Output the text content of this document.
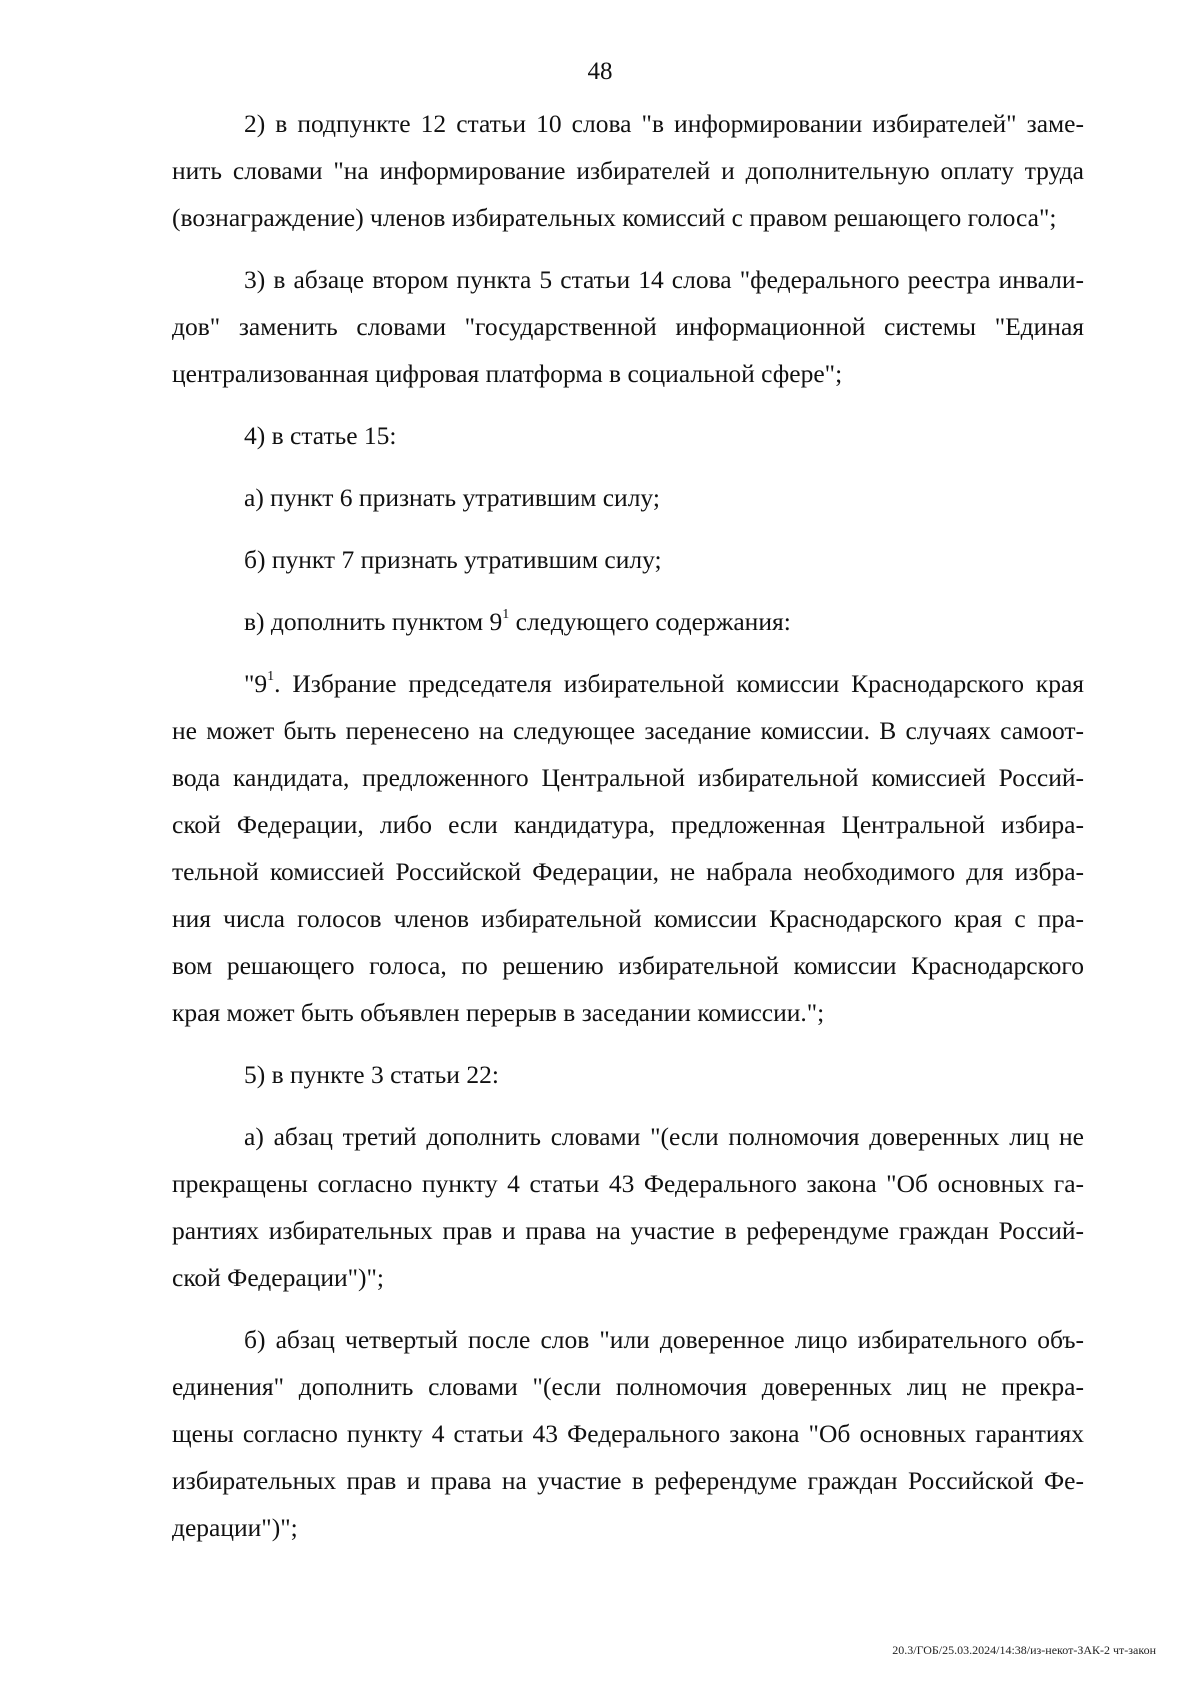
48
2) в подпункте 12 статьи 10 слова "в информировании избирателей" заме-
нить словами "на информирование избирателей и дополнительную оплату труда
(вознаграждение) членов избирательных комиссий с правом решающего голоса";
3) в абзаце втором пункта 5 статьи 14 слова "федерального реестра инвали-
дов" заменить словами "государственной информационной системы "Единая
централизованная цифровая платформа в социальной сфере";
4) в статье 15:
а) пункт 6 признать утратившим силу;
б) пункт 7 признать утратившим силу;
в) дополнить пунктом $9^1$ следующего содержания:
"$9^1$. Избрание председателя избирательной комиссии Краснодарского края
не может быть перенесено на следующее заседание комиссии. В случаях самоот-
вода кандидата, предложенного Центральной избирательной комиссией Россий-
ской Федерации, либо если кандидатура, предложенная Центральной избира-
тельной комиссией Российской Федерации, не набрала необходимого для избра-
ния числа голосов членов избирательной комиссии Краснодарского края с пра-
вом решающего голоса, по решению избирательной комиссии Краснодарского
края может быть объявлен перерыв в заседании комиссии.";
5) в пункте 3 статьи 22:
а) абзац третий дополнить словами "(если полномочия доверенных лиц не
прекращены согласно пункту 4 статьи 43 Федерального закона "Об основных га-
рантиях избирательных прав и права на участие в референдуме граждан Россий-
ской Федерации")";
б) абзац четвертый после слов "или доверенное лицо избирательного объ-
единения" дополнить словами "(если полномочия доверенных лиц не прекра-
щены согласно пункту 4 статьи 43 Федерального закона "Об основных гарантиях
избирательных прав и права на участие в референдуме граждан Российской Фе-
дерации")";
20.3/ГОБ/25.03.2024/14:38/из-некот-ЗАК-2 чт-закон
